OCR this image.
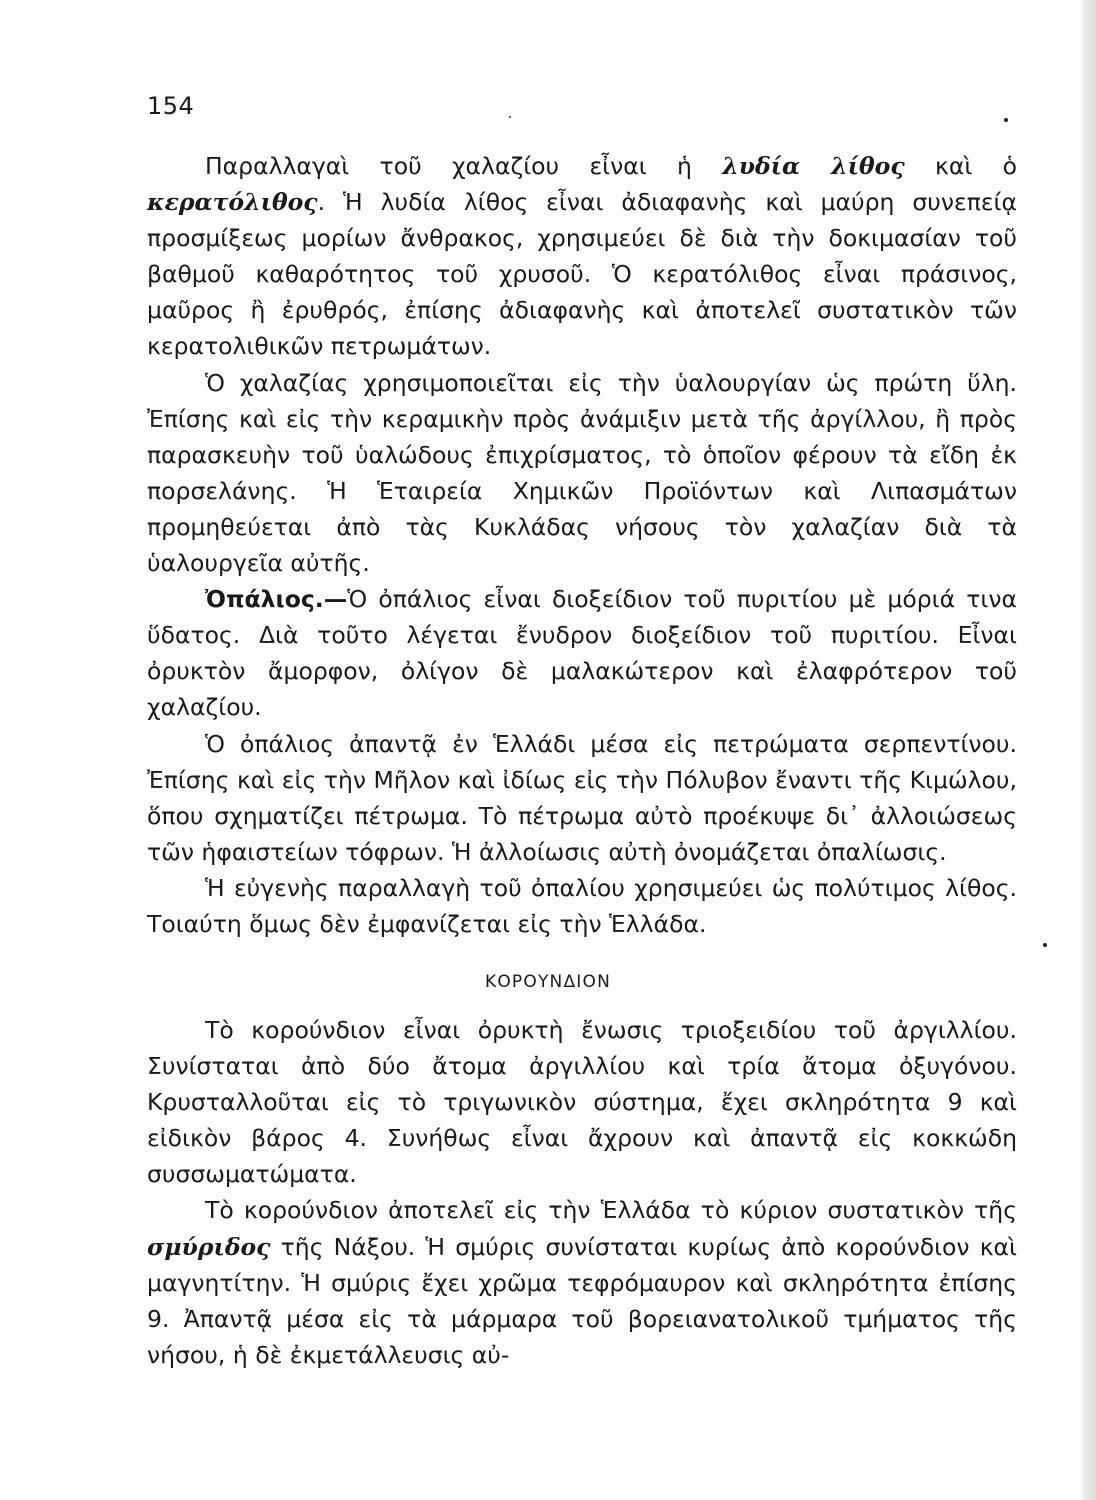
154

Παραλλαγαὶ τοῦ χαλαζίου εἶναι ἡ λυδία λίθος καὶ ὁ κερατόλιθος. Ἡ λυδία λίθος εἶναι ἀδιαφανὴς καὶ μαύρη συνεπείᾳ προσμίξεως μορίων ἄνθρακος, χρησιμεύει δὲ διὰ τὴν δοκιμασίαν τοῦ βαθμοῦ καθαρότητος τοῦ χρυσοῦ. Ὁ κερατόλιθος εἶναι πράσινος, μαῦρος ἢ ἐρυθρός, ἐπίσης ἀδιαφανὴς καὶ ἀποτελεῖ συστατικὸν τῶν κερατολιθικῶν πετρωμάτων.

Ὁ χαλαζίας χρησιμοποιεῖται εἰς τὴν ὑαλουργίαν ὡς πρώτη ὕλη. Ἐπίσης καὶ εἰς τὴν κεραμικὴν πρὸς ἀνάμιξιν μετὰ τῆς ἀργίλλου, ἢ πρὸς παρασκευὴν τοῦ ὑαλώδους ἐπιχρίσματος, τὸ ὁποῖον φέρουν τὰ εἴδη ἐκ πορσελάνης. Ἡ Ἑταιρεία Χημικῶν Προϊόντων καὶ Λιπασμάτων προμηθεύεται ἀπὸ τὰς Κυκλάδας νήσους τὸν χαλαζίαν διὰ τὰ ὑαλουργεῖα αὐτῆς.

Ὀπάλιος.—Ὁ ὀπάλιος εἶναι διοξείδιον τοῦ πυριτίου μὲ μόριά τινα ὕδατος. Διὰ τοῦτο λέγεται ἔνυδρον διοξείδιον τοῦ πυριτίου. Εἶναι ὀρυκτὸν ἄμορφον, ὀλίγον δὲ μαλακώτερον καὶ ἐλαφρότερον τοῦ χαλαζίου.

Ὁ ὀπάλιος ἀπαντᾷ ἐν Ἑλλάδι μέσα εἰς πετρώματα σερπεντίνου. Ἐπίσης καὶ εἰς τὴν Μῆλον καὶ ἰδίως εἰς τὴν Πόλυβον ἔναντι τῆς Κιμώλου, ὅπου σχηματίζει πέτρωμα. Τὸ πέτρωμα αὐτὸ προέκυψε δι᾽ ἀλλοιώσεως τῶν ἡφαιστείων τόφρων. Ἡ ἀλλοίωσις αὐτὴ ὀνομάζεται ὀπαλίωσις.

Ἡ εὐγενὴς παραλλαγὴ τοῦ ὀπαλίου χρησιμεύει ὡς πολύτιμος λίθος. Τοιαύτη ὅμως δὲν ἐμφανίζεται εἰς τὴν Ἑλλάδα.

ΚΟΡΟΥΝΔΙΟΝ

Τὸ κορούνδιον εἶναι ὀρυκτὴ ἔνωσις τριοξειδίου τοῦ ἀργιλλίου. Συνίσταται ἀπὸ δύο ἄτομα ἀργιλλίου καὶ τρία ἄτομα ὀξυγόνου. Κρυσταλλοῦται εἰς τὸ τριγωνικὸν σύστημα, ἔχει σκληρότητα 9 καὶ εἰδικὸν βάρος 4. Συνήθως εἶναι ἄχρουν καὶ ἀπαντᾷ εἰς κοκκώδη συσσωματώματα.

Τὸ κορούνδιον ἀποτελεῖ εἰς τὴν Ἑλλάδα τὸ κύριον συστατικὸν τῆς σμύριδος τῆς Νάξου. Ἡ σμύρις συνίσταται κυρίως ἀπὸ κορούνδιον καὶ μαγνητίτην. Ἡ σμύρις ἔχει χρῶμα τεφρόμαυρον καὶ σκληρότητα ἐπίσης 9. Ἀπαντᾷ μέσα εἰς τὰ μάρμαρα τοῦ βορειανατολικοῦ τμήματος τῆς νήσου, ἡ δὲ ἐκμετάλλευσις αὐ-
